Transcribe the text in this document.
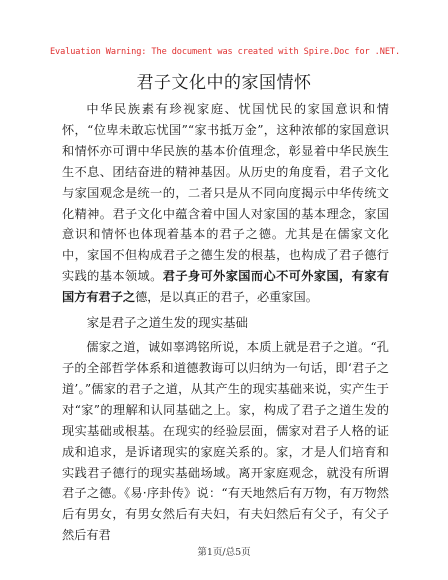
Evaluation Warning: The document was created with Spire.Doc for .NET.
君子文化中的家国情怀

中华民族素有珍视家庭、忧国忧民的家国意识和情怀，“位卑未敢忘忧国”“家书抵万金”，这种浓郁的家国意识和情怀亦可谓中华民族的基本价值理念，彰显着中华民族生生不息、团结奋进的精神基因。从历史的角度看，君子文化与家国观念是统一的，二者只是从不同向度揭示中华传统文化精神。君子文化中蕴含着中国人对家国的基本理念，家国意识和情怀也体现着基本的君子之德。尤其是在儒家文化中，家国不但构成君子之德生发的根基，也构成了君子德行实践的基本领域。君子身可外家国而心不可外家国，有家有国方有君子之德，是以真正的君子，必重家国。

家是君子之道生发的现实基础

儒家之道，诚如辜鸿铭所说，本质上就是君子之道。“孔子的全部哲学体系和道德教诲可以归纳为一句话，即‘君子之道’。”儒家的君子之道，从其产生的现实基础来说，实产生于对“家”的理解和认同基础之上。家，构成了君子之道生发的现实基础或根基。在现实的经验层面，儒家对君子人格的证成和追求，是诉诸现实的家庭关系的。家，才是人们培育和实践君子德行的现实基础场域。离开家庭观念，就没有所谓君子之德。《易·序卦传》说：“有天地然后有万物，有万物然后有男女，有男女然后有夫妇，有夫妇然后有父子，有父子然后有君

第1页/总5页
